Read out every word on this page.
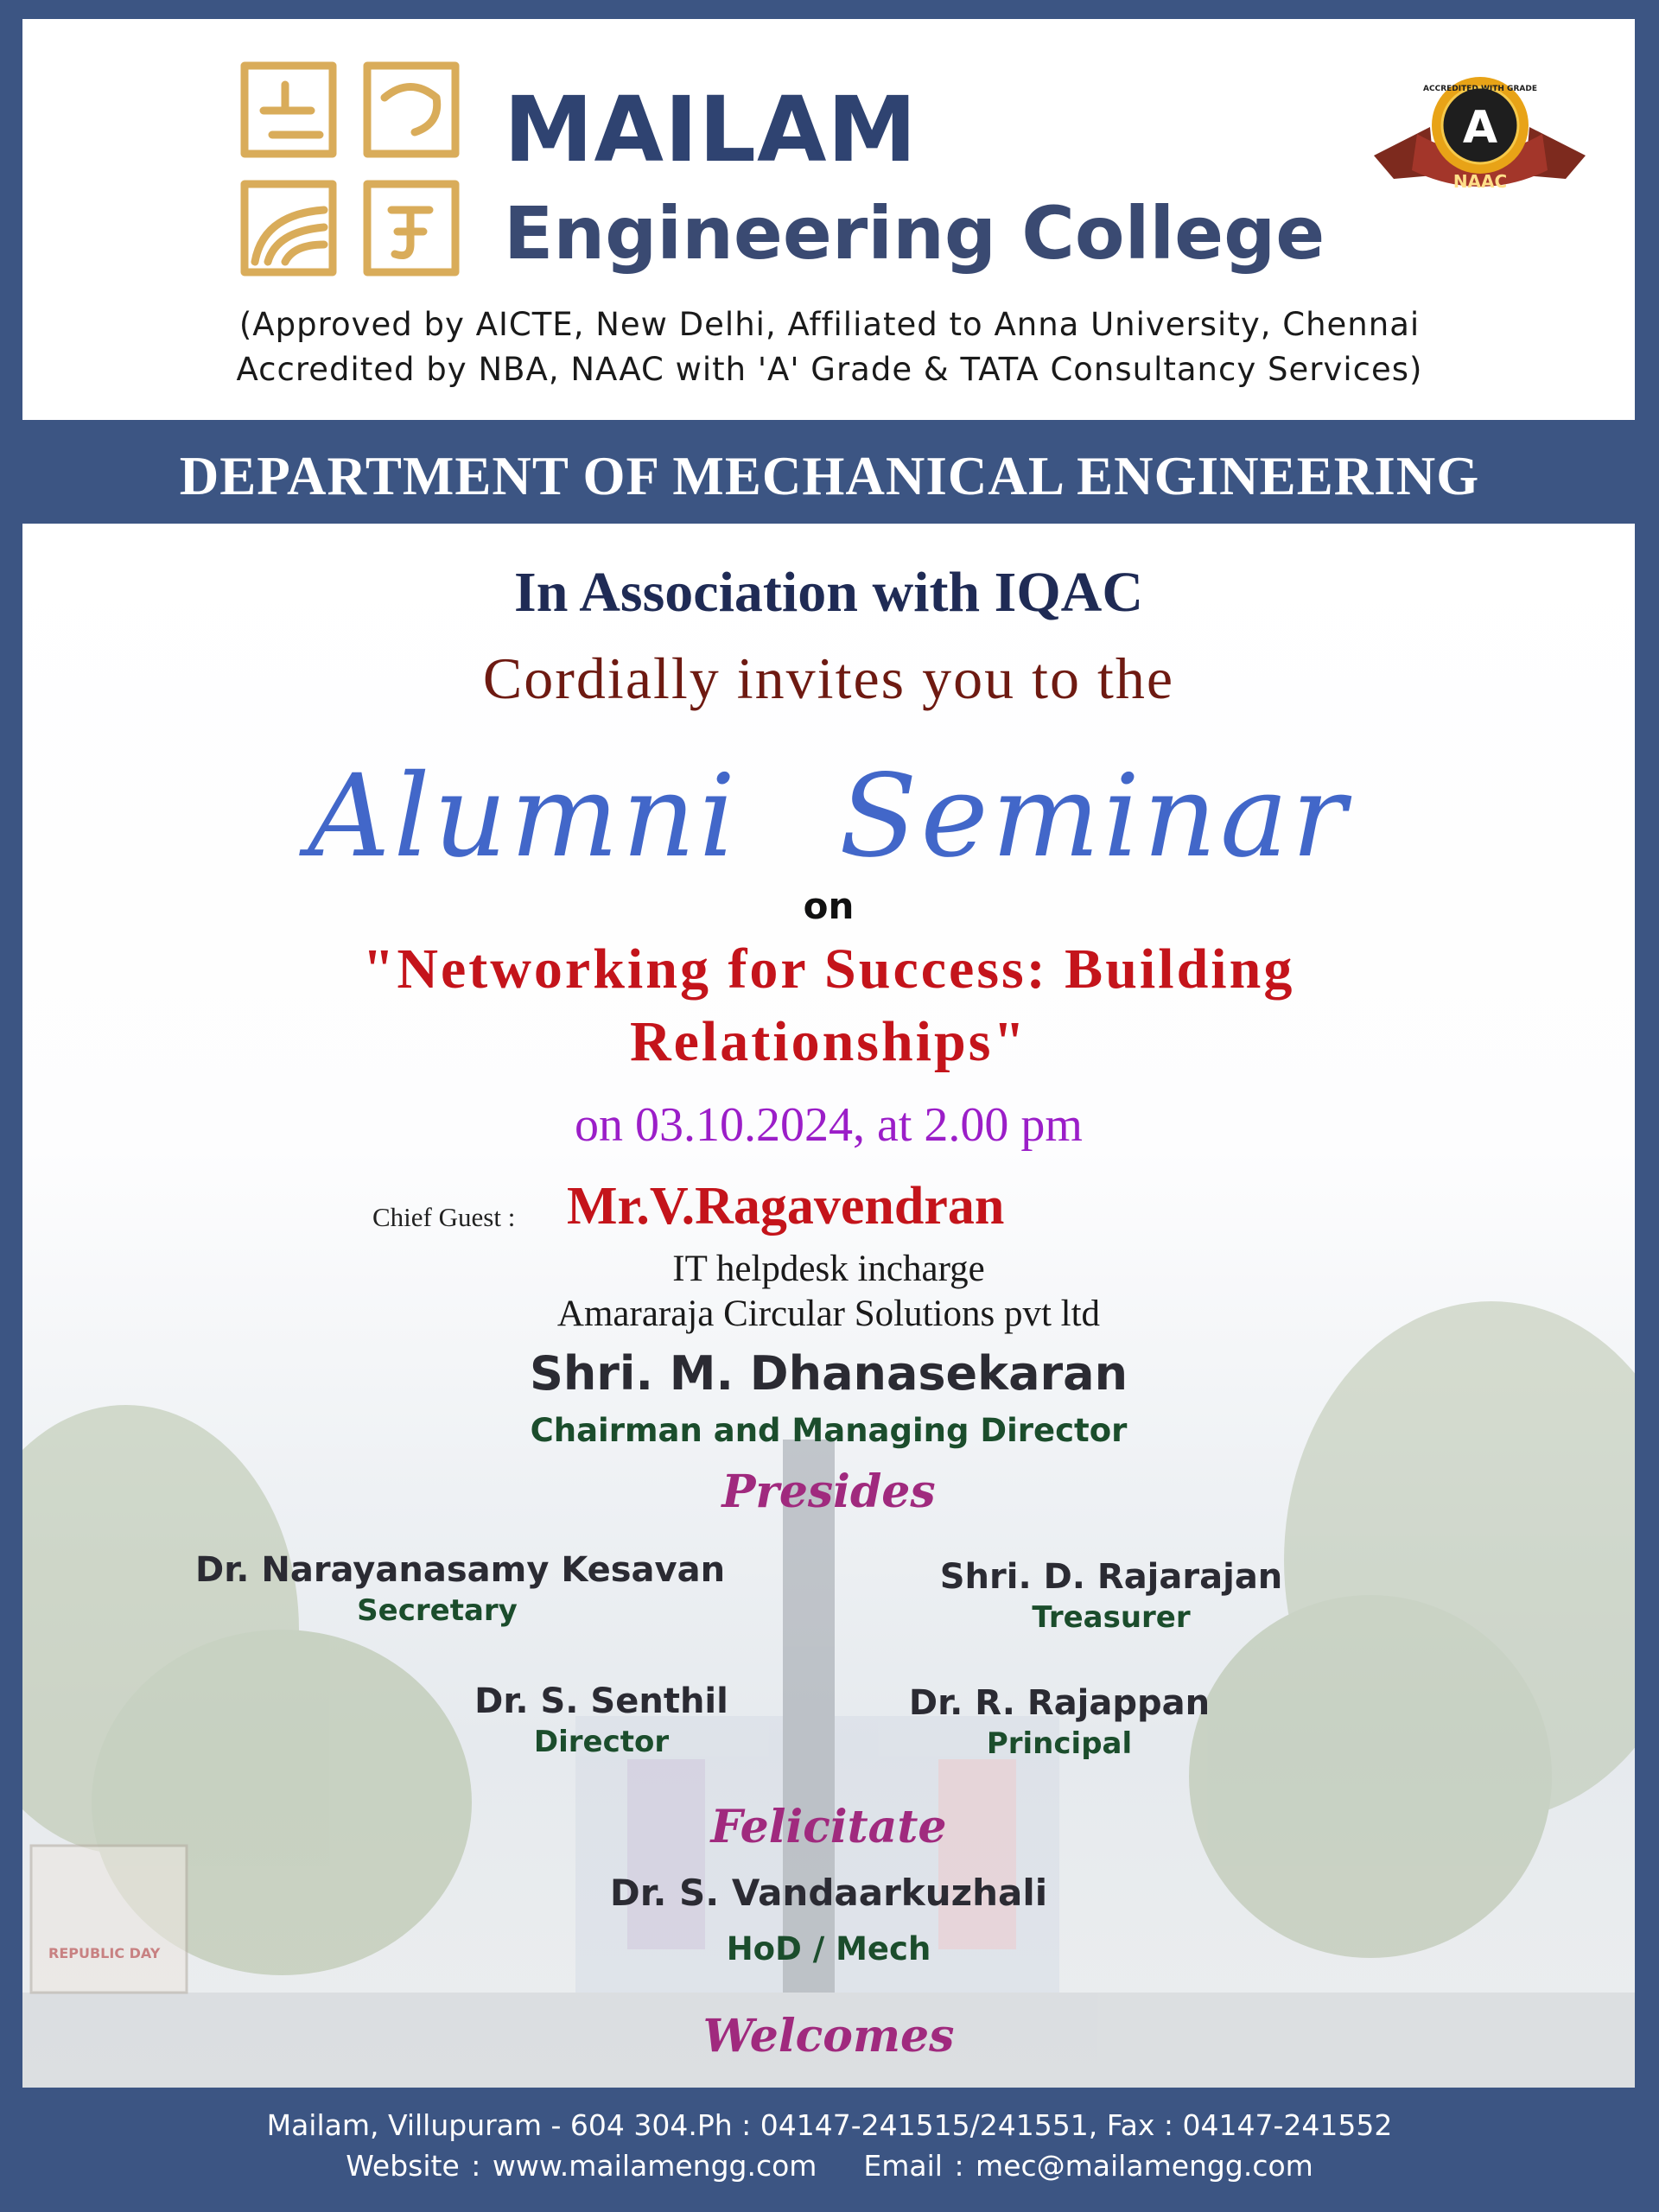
MAILAM
Engineering College
A
ACCREDITED WITH GRADE
NAAC
(Approved by AICTE, New Delhi, Affiliated to Anna University, Chennai
Accredited by NBA, NAAC with 'A' Grade & TATA Consultancy Services)
DEPARTMENT OF MECHANICAL ENGINEERING
REPUBLIC DAY
In Association with IQAC
Cordially invites you to the
Alumni Seminar
on
"Networking for Success: Building
Relationships"
on 03.10.2024, at 2.00 pm
Chief Guest : Mr.V.Ragavendran
IT helpdesk incharge
Amararaja Circular Solutions pvt ltd
Shri. M. Dhanasekaran
Chairman and Managing Director
Presides
Dr. Narayanasamy Kesavan
Secretary
Shri. D. Rajarajan
Treasurer
Dr. S. Senthil
Director
Dr. R. Rajappan
Principal
Felicitate
Dr. S. Vandaarkuzhali
HoD / Mech
Welcomes
Mailam, Villupuram - 604 304.Ph : 04147-241515/241551, Fax : 04147-241552
Website : www.mailamengg.com    Email : mec@mailamengg.com
